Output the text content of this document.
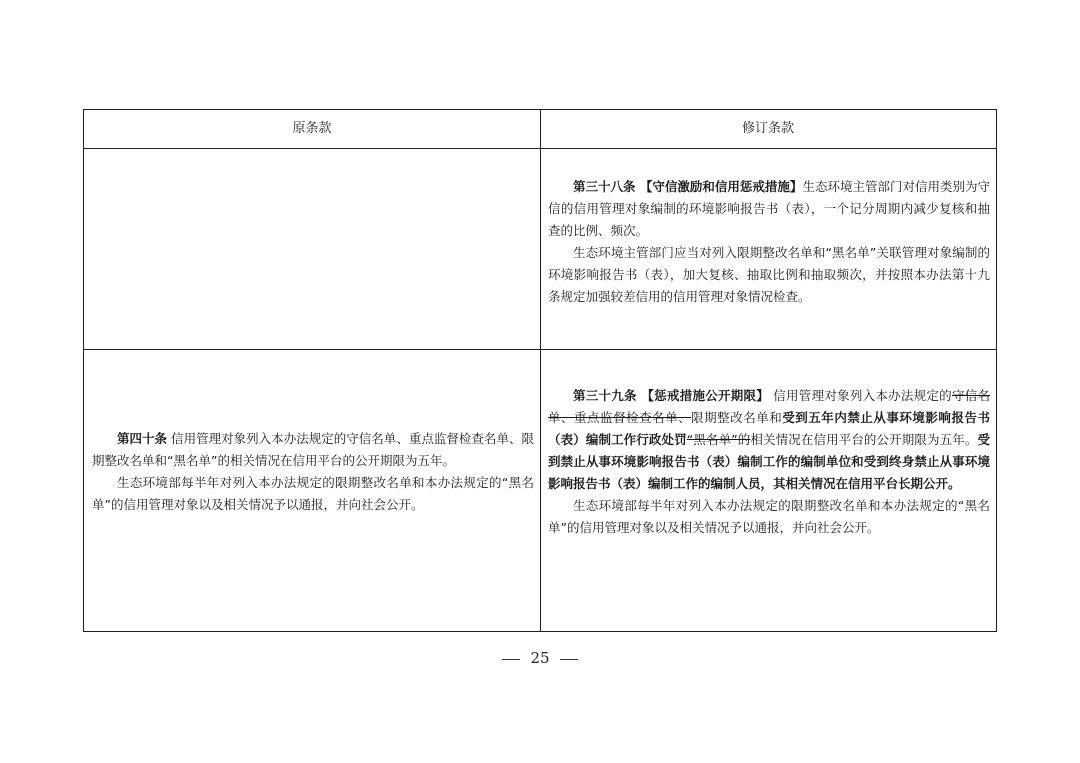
原条款	修订条款

第三十八条 【守信激励和信用惩戒措施】生态环境主管部门对信用类别为守信的信用管理对象编制的环境影响报告书（表），一个记分周期内减少复核和抽查的比例、频次。

生态环境主管部门应当对列入限期整改名单和“黑名单”关联管理对象编制的环境影响报告书（表），加大复核、抽取比例和抽取频次，并按照本办法第十九条规定加强较差信用的信用管理对象情况检查。

第四十条 信用管理对象列入本办法规定的守信名单、重点监督检查名单、限期整改名单和“黑名单”的相关情况在信用平台的公开期限为五年。

生态环境部每半年对列入本办法规定的限期整改名单和本办法规定的“黑名单”的信用管理对象以及相关情况予以通报，并向社会公开。

第三十九条 【惩戒措施公开期限】 信用管理对象列入本办法规定的守信名单、重点监督检查名单、限期整改名单和受到五年内禁止从事环境影响报告书（表）编制工作行政处罚“黑名单”的相关情况在信用平台的公开期限为五年。受到禁止从事环境影响报告书（表）编制工作的编制单位和受到终身禁止从事环境影响报告书（表）编制工作的编制人员，其相关情况在信用平台长期公开。

生态环境部每半年对列入本办法规定的限期整改名单和本办法规定的“黑名单”的信用管理对象以及相关情况予以通报，并向社会公开。

25
